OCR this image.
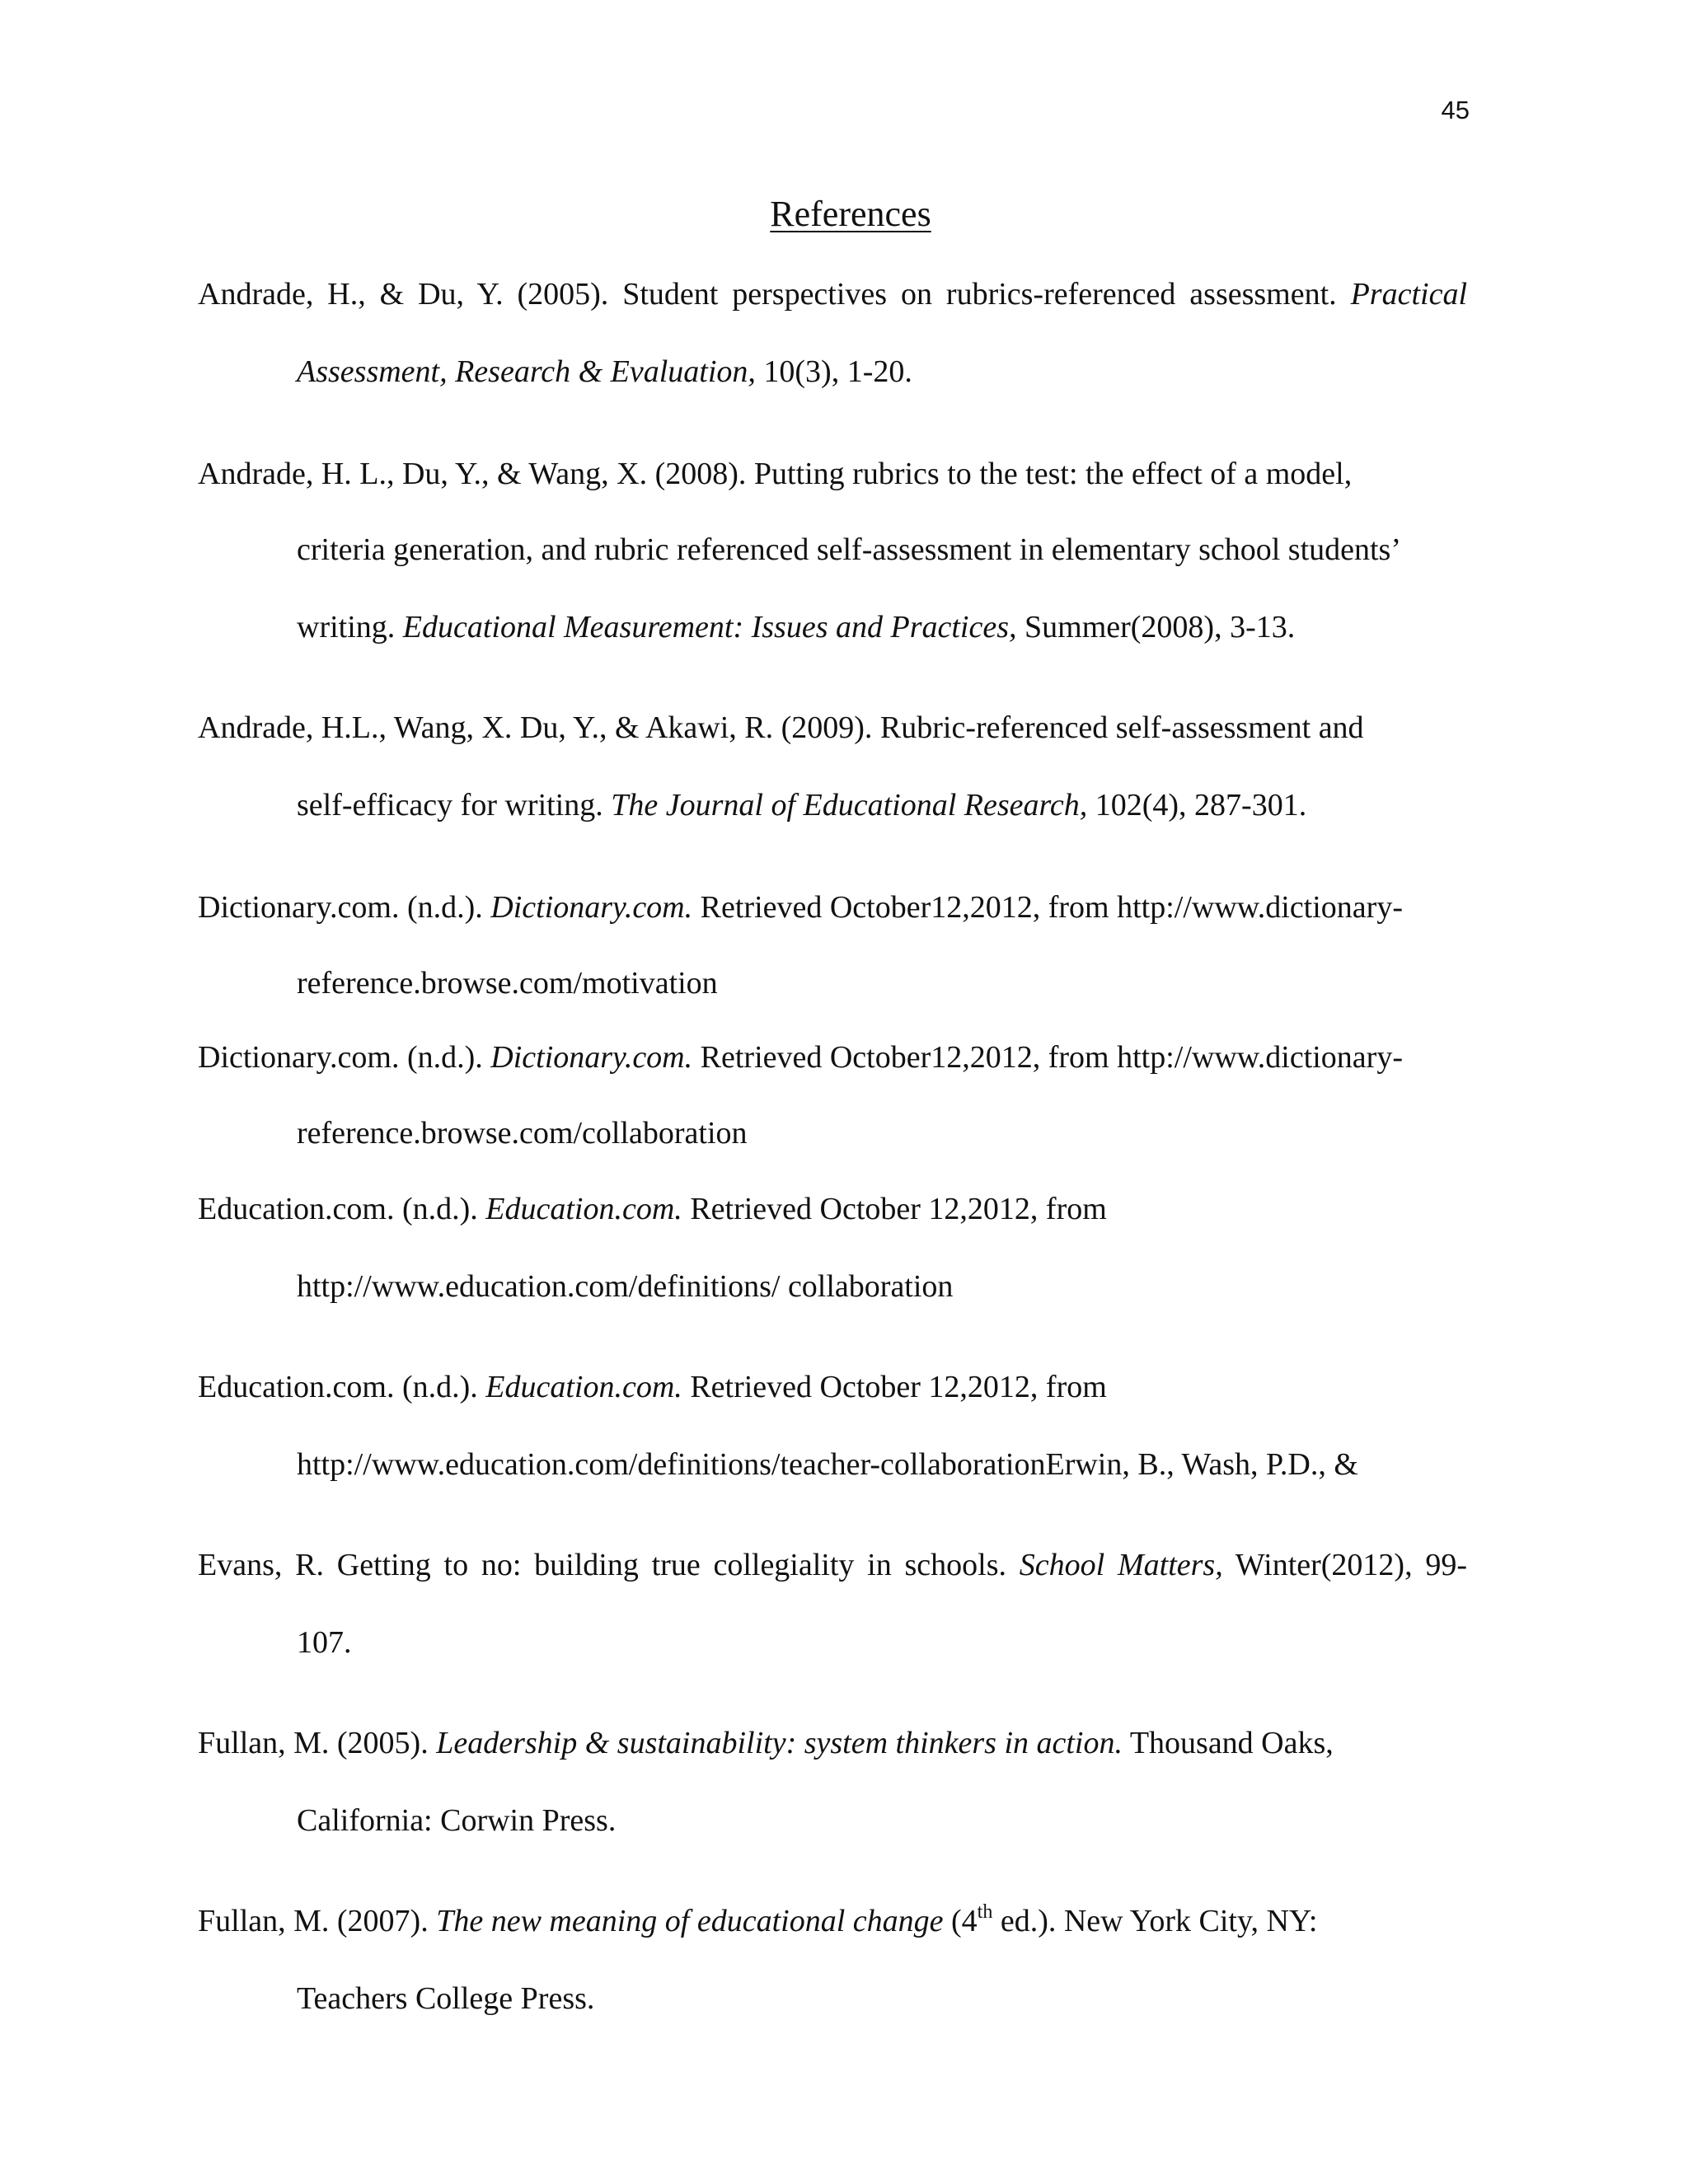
45
References
Andrade, H., & Du, Y. (2005). Student perspectives on rubrics-referenced assessment. Practical
Assessment, Research & Evaluation, 10(3), 1-20.
Andrade, H. L., Du, Y., & Wang, X. (2008). Putting rubrics to the test: the effect of a model,
criteria generation, and rubric referenced self-assessment in elementary school students’
writing. Educational Measurement: Issues and Practices, Summer(2008), 3-13.
Andrade, H.L., Wang, X. Du, Y., & Akawi, R. (2009). Rubric-referenced self-assessment and
self-efficacy for writing. The Journal of Educational Research, 102(4), 287-301.
Dictionary.com. (n.d.). Dictionary.com. Retrieved October12,2012, from http://www.dictionary-
reference.browse.com/motivation
Dictionary.com. (n.d.). Dictionary.com. Retrieved October12,2012, from http://www.dictionary-
reference.browse.com/collaboration
Education.com. (n.d.). Education.com. Retrieved October 12,2012, from
http://www.education.com/definitions/ collaboration
Education.com. (n.d.). Education.com. Retrieved October 12,2012, from
http://www.education.com/definitions/teacher-collaborationErwin, B., Wash, P.D., &
Evans, R. Getting to no: building true collegiality in schools. School Matters, Winter(2012), 99-
107.
Fullan, M. (2005). Leadership & sustainability: system thinkers in action. Thousand Oaks,
California: Corwin Press.
Fullan, M. (2007). The new meaning of educational change (4th ed.). New York City, NY:
Teachers College Press.
